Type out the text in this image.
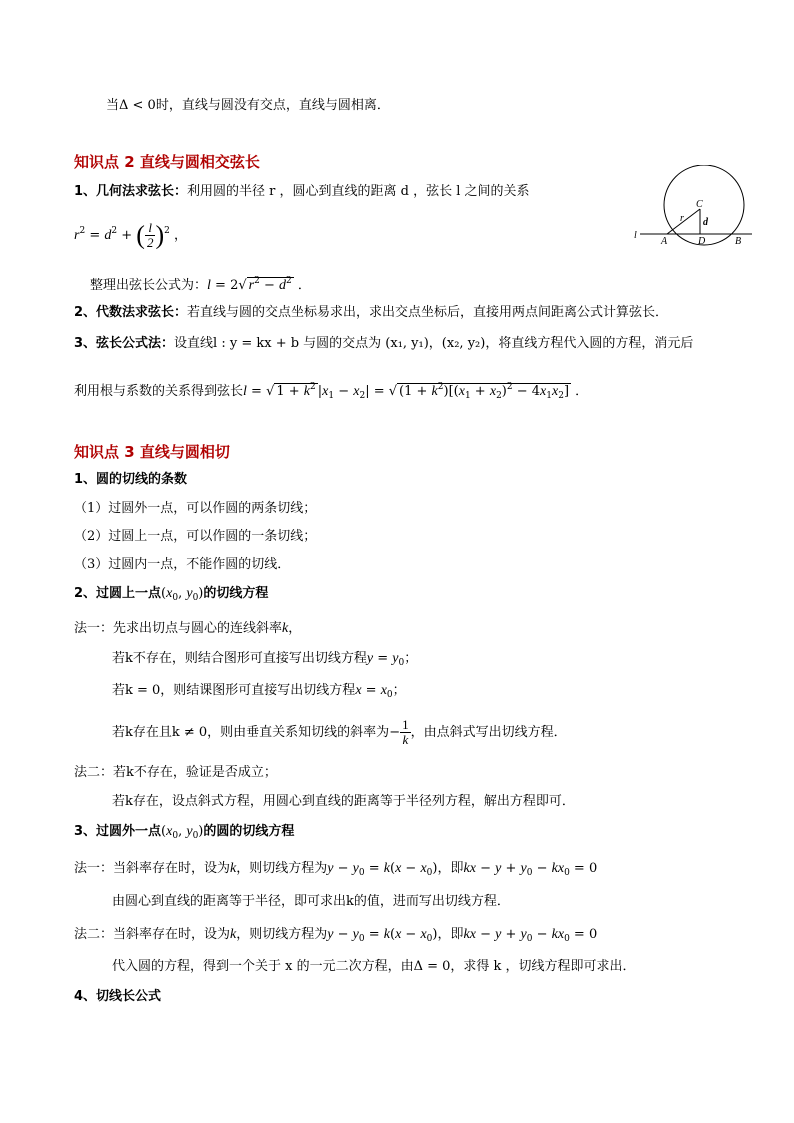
当Δ < 0时，直线与圆没有交点，直线与圆相离．
知识点 2 直线与圆相交弦长
1、几何法求弦长：利用圆的半径 r ，圆心到直线的距离 d ，弦长 l 之间的关系
$r^2 = d^2$ + ( $\frac{l}{2} )^2$ ，
整理出弦长公式为：l = 2√ $r^2 - d^2$ ．
2、代数法求弦长：若直线与圆的交点坐标易求出，求出交点坐标后，直接用两点间距离公式计算弦长．
3、弦长公式法：设直线l : y = kx + b 与圆的交点为 (x₁, y₁)，(x₂, y₂)，将直线方程代入圆的方程，消元后
利用根与系数的关系得到弦长l = √ $1 + k^2$ $|x_1 - x_2|$ = √ $(1 + k^2)[(x_1 + x_2)^2 - 4x_1x_2]$ ．
C
r d
l
A	D	B
知识点 3 直线与圆相切
1、圆的切线的条数
（1）过圆外一点，可以作圆的两条切线；
（2）过圆上一点，可以作圆的一条切线；
（3）过圆内一点，不能作圆的切线．
2、过圆上一点($x_0$, $y_0$)的切线方程
法一：先求出切点与圆心的连线斜率k，
若k不存在，则结合图形可直接写出切线方程$y = y_0$；
若k = 0，则结课图形可直接写出切线方程$x = x_0$；
若k存在且k ≠ 0，则由垂直关系知切线的斜率为− $\frac{1}{k}$ ，由点斜式写出切线方程．
法二：若k不存在，验证是否成立；
若k存在，设点斜式方程，用圆心到直线的距离等于半径列方程，解出方程即可．
3、过圆外一点($x_0$, $y_0$)的圆的切线方程
法一：当斜率存在时，设为k，则切线方程为$y - y_0 = k(x - x_0)$，即kx − $y + y_0 - kx_0 = 0$
由圆心到直线的距离等于半径，即可求出k的值，进而写出切线方程．
法二：当斜率存在时，设为k，则切线方程为$y - y_0 = k(x - x_0)$，即kx − $y + y_0 - kx_0 = 0$
代入圆的方程，得到一个关于 x 的一元二次方程，由Δ = 0，求得 k ，切线方程即可求出．
4、切线长公式
